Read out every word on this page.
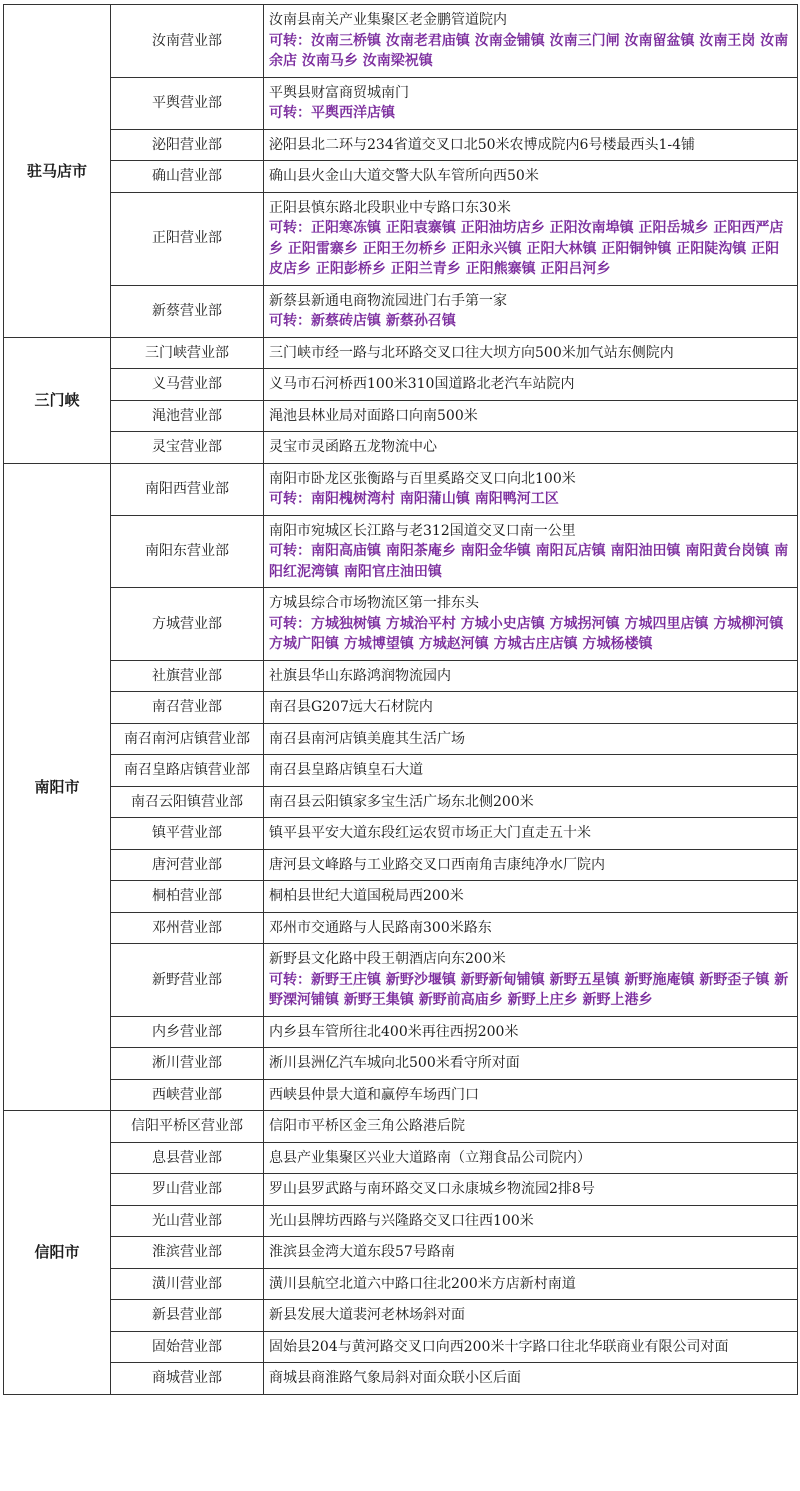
驻马店市	汝南营业部	汝南县南关产业集聚区老金鹏管道院内
可转：汝南三桥镇 汝南老君庙镇 汝南金铺镇 汝南三门闸 汝南留盆镇 汝南王岗 汝南余店 汝南马乡 汝南梁祝镇

	平舆营业部	平舆县财富商贸城南门
可转：平舆西洋店镇

	泌阳营业部	泌阳县北二环与234省道交叉口北50米农博成院内6号楼最西头1-4铺

	确山营业部	确山县火金山大道交警大队车管所向西50米

	正阳营业部	正阳县慎东路北段职业中专路口东30米
可转：正阳寒冻镇 正阳袁寨镇 正阳油坊店乡 正阳汝南埠镇 正阳岳城乡 正阳西严店乡 正阳雷寨乡 正阳王勿桥乡 正阳永兴镇 正阳大林镇 正阳铜钟镇 正阳陡沟镇 正阳皮店乡 正阳彭桥乡 正阳兰青乡 正阳熊寨镇 正阳吕河乡

	新蔡营业部	新蔡县新通电商物流园进门右手第一家
可转：新蔡砖店镇 新蔡孙召镇

三门峡	三门峡营业部	三门峡市经一路与北环路交叉口往大坝方向500米加气站东侧院内

	义马营业部	义马市石河桥西100米310国道路北老汽车站院内

	渑池营业部	渑池县林业局对面路口向南500米

	灵宝营业部	灵宝市灵函路五龙物流中心

南阳市	南阳西营业部	南阳市卧龙区张衡路与百里奚路交叉口向北100米
可转：南阳槐树湾村 南阳蒲山镇 南阳鸭河工区

	南阳东营业部	南阳市宛城区长江路与老312国道交叉口南一公里
可转：南阳高庙镇 南阳茶庵乡 南阳金华镇 南阳瓦店镇 南阳油田镇 南阳黄台岗镇 南阳红泥湾镇 南阳官庄油田镇

	方城营业部	方城县综合市场物流区第一排东头
可转：方城独树镇 方城治平村 方城小史店镇 方城拐河镇 方城四里店镇 方城柳河镇 方城广阳镇 方城博望镇 方城赵河镇 方城古庄店镇 方城杨楼镇

	社旗营业部	社旗县华山东路鸿润物流园内

	南召营业部	南召县G207远大石材院内

	南召南河店镇营业部	南召县南河店镇美鹿其生活广场

	南召皇路店镇营业部	南召县皇路店镇皇石大道

	南召云阳镇营业部	南召县云阳镇家多宝生活广场东北侧200米

	镇平营业部	镇平县平安大道东段红运农贸市场正大门直走五十米

	唐河营业部	唐河县文峰路与工业路交叉口西南角吉康纯净水厂院内

	桐柏营业部	桐柏县世纪大道国税局西200米

	邓州营业部	邓州市交通路与人民路南300米路东

	新野营业部	新野县文化路中段王朝酒店向东200米
可转：新野王庄镇 新野沙堰镇 新野新甸铺镇 新野五星镇 新野施庵镇 新野歪子镇 新野溧河铺镇 新野王集镇 新野前高庙乡 新野上庄乡 新野上港乡

	内乡营业部	内乡县车管所往北400米再往西拐200米

	淅川营业部	淅川县洲亿汽车城向北500米看守所对面

	西峡营业部	西峡县仲景大道和赢停车场西门口

信阳市	信阳平桥区营业部	信阳市平桥区金三角公路港后院

	息县营业部	息县产业集聚区兴业大道路南（立翔食品公司院内）

	罗山营业部	罗山县罗武路与南环路交叉口永康城乡物流园2排8号

	光山营业部	光山县牌坊西路与兴隆路交叉口往西100米

	淮滨营业部	淮滨县金湾大道东段57号路南

	潢川营业部	潢川县航空北道六中路口往北200米方店新村南道

	新县营业部	新县发展大道裴河老林场斜对面

	固始营业部	固始县204与黄河路交叉口向西200米十字路口往北华联商业有限公司对面

	商城营业部	商城县商淮路气象局斜对面众联小区后面
